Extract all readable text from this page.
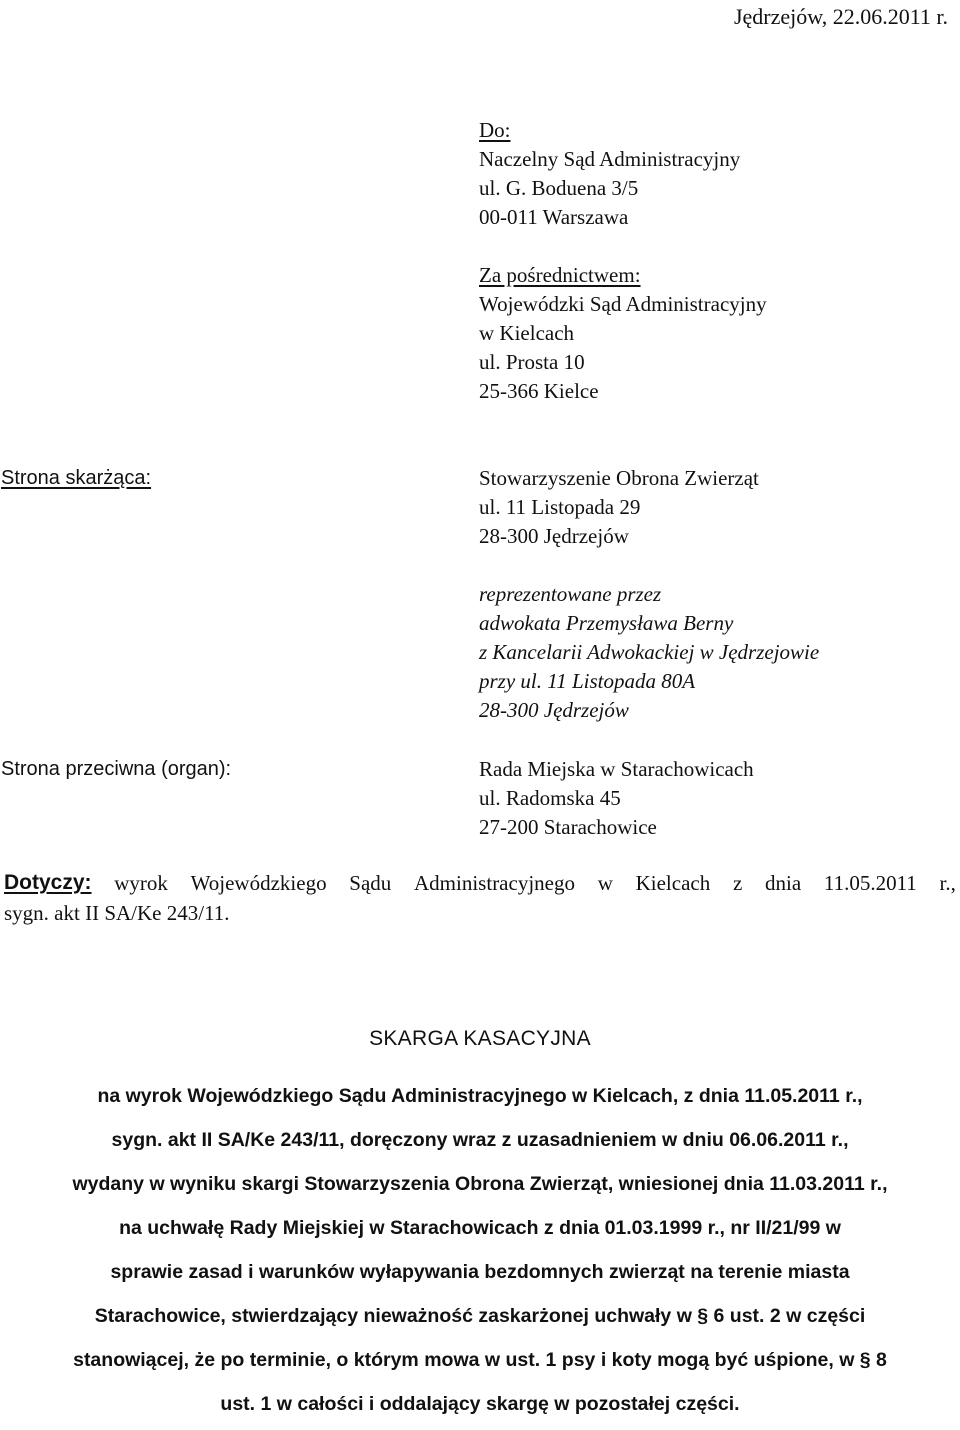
Jędrzejów, 22.06.2011 r.
Do:
Naczelny Sąd Administracyjny
ul. G. Boduena 3/5
00-011 Warszawa
Za pośrednictwem:
Wojewódzki Sąd Administracyjny
w Kielcach
ul. Prosta 10
25-366 Kielce
Strona skarżąca:	Stowarzyszenie Obrona Zwierząt
ul. 11 Listopada 29
28-300 Jędrzejów
reprezentowane przez
adwokata Przemysława Berny
z Kancelarii Adwokackiej w Jędrzejowie
przy ul. 11 Listopada 80A
28-300 Jędrzejów
Strona przeciwna (organ):	Rada Miejska w Starachowicach
ul. Radomska 45
27-200 Starachowice
Dotyczy: wyrok Wojewódzkiego Sądu Administracyjnego w Kielcach z dnia 11.05.2011 r.,
sygn. akt II SA/Ke 243/11.
SKARGA KASACYJNA
na wyrok Wojewódzkiego Sądu Administracyjnego w Kielcach, z dnia 11.05.2011 r.,
sygn. akt II SA/Ke 243/11, doręczony wraz z uzasadnieniem w dniu 06.06.2011 r.,
wydany w wyniku skargi Stowarzyszenia Obrona Zwierząt, wniesionej dnia 11.03.2011 r.,
na uchwałę Rady Miejskiej w Starachowicach z dnia 01.03.1999 r., nr II/21/99 w
sprawie zasad i warunków wyłapywania bezdomnych zwierząt na terenie miasta
Starachowice, stwierdzający nieważność zaskarżonej uchwały w § 6 ust. 2 w części
stanowiącej, że po terminie, o którym mowa w ust. 1 psy i koty mogą być uśpione, w § 8
ust. 1 w całości i oddalający skargę w pozostałej części.
